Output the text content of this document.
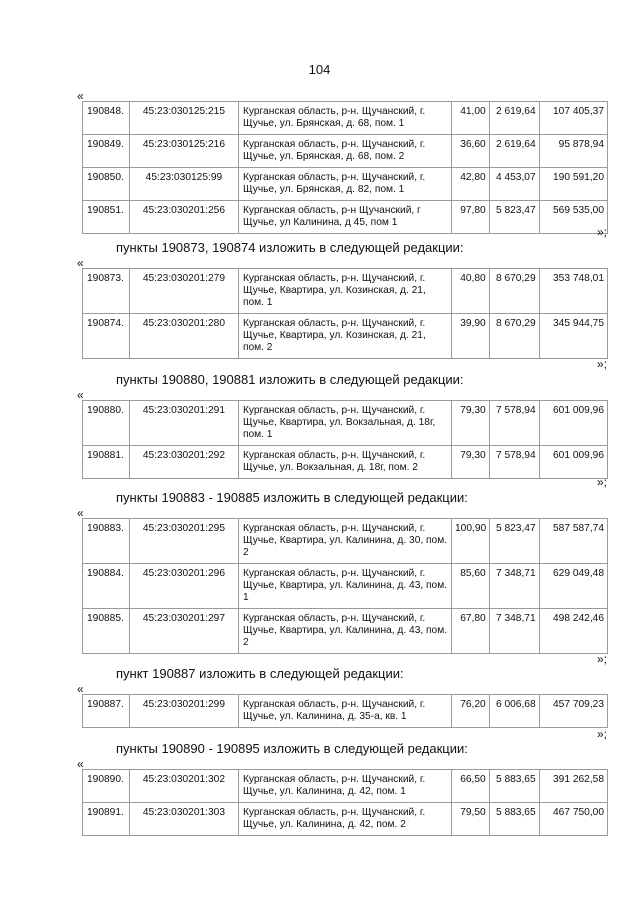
104
«
190848.	45:23:030125:215	Курганская область, р-н. Щучанский, г. Щучье, ул. Брянская, д. 68, пом. 1	41,00	2 619,64	107 405,37
190849.	45:23:030125:216	Курганская область, р-н. Щучанский, г. Щучье, ул. Брянская, д. 68, пом. 2	36,60	2 619,64	95 878,94
190850.	45:23:030125:99	Курганская область, р-н. Щучанский, г. Щучье, ул. Брянская, д. 82, пом. 1	42,80	4 453,07	190 591,20
190851.	45:23:030201:256	Курганская область, р-н Щучанский, г Щучье, ул Калинина, д 45, пом 1	97,80	5 823,47	569 535,00
»;
пункты 190873, 190874 изложить в следующей редакции:
«
190873.	45:23:030201:279	Курганская область, р-н. Щучанский, г. Щучье, Квартира, ул. Козинская, д. 21, пом. 1	40,80	8 670,29	353 748,01
190874.	45:23:030201:280	Курганская область, р-н. Щучанский, г. Щучье, Квартира, ул. Козинская, д. 21, пом. 2	39,90	8 670,29	345 944,75
»;
пункты 190880, 190881 изложить в следующей редакции:
«
190880.	45:23:030201:291	Курганская область, р-н. Щучанский, г. Щучье, Квартира, ул. Вокзальная, д. 18г, пом. 1	79,30	7 578,94	601 009,96
190881.	45:23:030201:292	Курганская область, р-н. Щучанский, г. Щучье, ул. Вокзальная, д. 18г, пом. 2	79,30	7 578,94	601 009,96
»;
пункты 190883 - 190885 изложить в следующей редакции:
«
190883.	45:23:030201:295	Курганская область, р-н. Щучанский, г. Щучье, Квартира, ул. Калинина, д. 30, пом. 2	100,90	5 823,47	587 587,74
190884.	45:23:030201:296	Курганская область, р-н. Щучанский, г. Щучье, Квартира, ул. Калинина, д. 43, пом. 1	85,60	7 348,71	629 049,48
190885.	45:23:030201:297	Курганская область, р-н. Щучанский, г. Щучье, Квартира, ул. Калинина, д. 43, пом. 2	67,80	7 348,71	498 242,46
»;
пункт 190887 изложить в следующей редакции:
«
190887.	45:23:030201:299	Курганская область, р-н. Щучанский, г. Щучье, ул. Калинина, д. 35-а, кв. 1	76,20	6 006,68	457 709,23
»;
пункты 190890 - 190895 изложить в следующей редакции:
«
190890.	45:23:030201:302	Курганская область, р-н. Щучанский, г. Щучье, ул. Калинина, д. 42, пом. 1	66,50	5 883,65	391 262,58
190891.	45:23:030201:303	Курганская область, р-н. Щучанский, г. Щучье, ул. Калинина, д. 42, пом. 2	79,50	5 883,65	467 750,00
